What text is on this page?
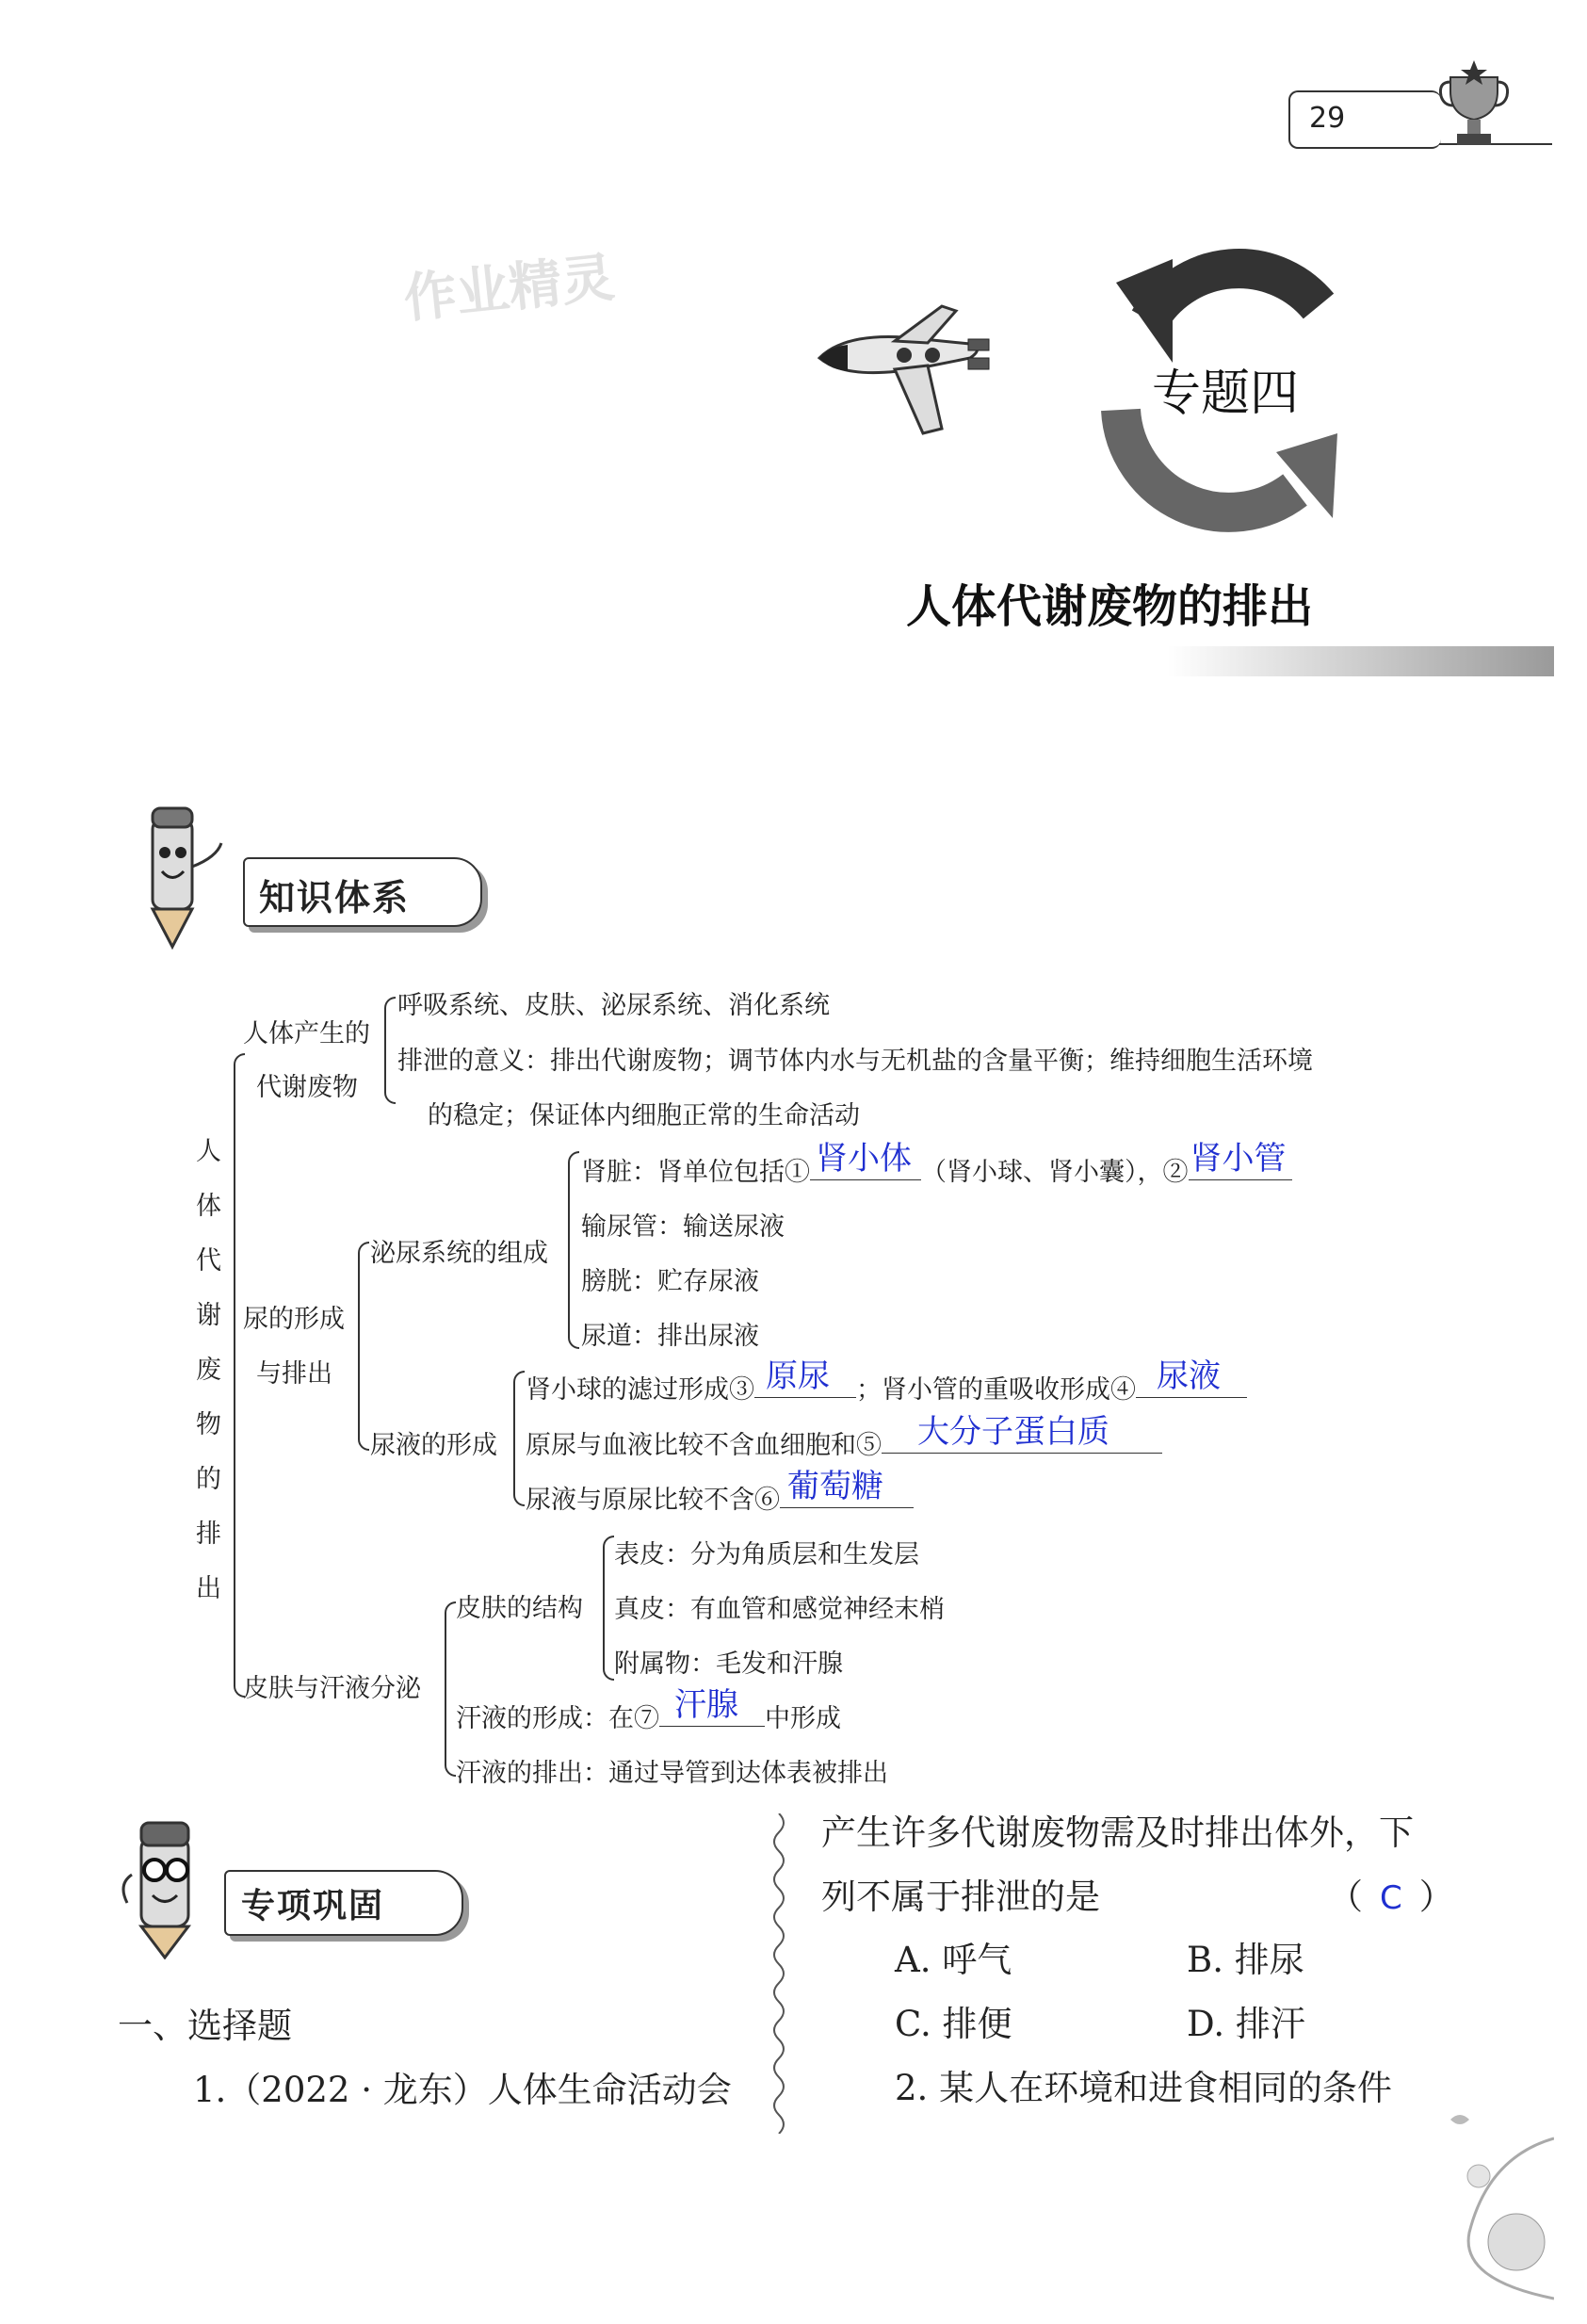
29
作业精灵
专题四
人体代谢废物的排出
知识体系
人
体
代
谢
废
物
的
排
出
人体产生的
代谢废物
呼吸系统、皮肤、泌尿系统、消化系统
排泄的意义：排出代谢废物；调节体内水与无机盐的含量平衡；维持细胞生活环境
的稳定；保证体内细胞正常的生命活动
尿的形成
与排出
泌尿系统的组成
肾脏：肾单位包括① 肾小体 （肾小球、肾小囊），② 肾小管
输尿管：输送尿液
膀胱：贮存尿液
尿道：排出尿液
尿液的形成
肾小球的滤过形成③ 原尿 ；肾小管的重吸收形成④ 尿液
原尿与血液比较不含血细胞和⑤ 大分子蛋白质
尿液与原尿比较不含⑥ 葡萄糖
皮肤与汗液分泌
皮肤的结构
表皮：分为角质层和生发层
真皮：有血管和感觉神经末梢
附属物：毛发和汗腺
汗液的形成：在⑦ 汗腺 中形成
汗液的排出：通过导管到达体表被排出
专项巩固
一、选择题
1.（2022 · 龙东）人体生命活动会
产生许多代谢废物需及时排出体外，下
列不属于排泄的是	（ C ）
A. 呼气	B. 排尿
C. 排便	D. 排汗
2. 某人在环境和进食相同的条件
